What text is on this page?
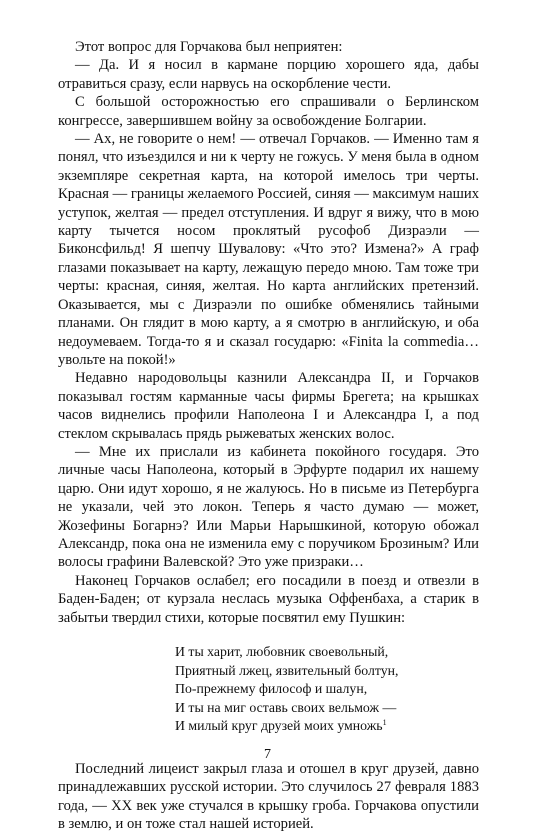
Этот вопрос для Горчакова был неприятен:

— Да. И я носил в кармане порцию хорошего яда, дабы отравиться сразу, если нарвусь на оскорбление чести.

С большой осторожностью его спрашивали о Берлинском конгрессе, завершившем войну за освобождение Болгарии.

— Ах, не говорите о нем! — отвечал Горчаков. — Именно там я понял, что изъездился и ни к черту не гожусь. У меня была в одном экземпляре секретная карта, на которой имелось три черты. Красная — границы желаемого Россией, синяя — максимум наших уступок, желтая — предел отступления. И вдруг я вижу, что в мою карту тычется носом проклятый русофоб Дизраэли — Биконсфильд! Я шепчу Шувалову: «Что это? Измена?» А граф глазами показывает на карту, лежащую передо мною. Там тоже три черты: красная, синяя, желтая. Но карта английских претензий. Оказывается, мы с Дизраэли по ошибке обменялись тайными планами. Он глядит в мою карту, а я смотрю в английскую, и оба недоумеваем. Тогда-то я и сказал государю: «Finita la commedia… увольте на покой!»

Недавно народовольцы казнили Александра II, и Горчаков показывал гостям карманные часы фирмы Брегета; на крышках часов виднелись профили Наполеона I и Александра I, а под стеклом скрывалась прядь рыжеватых женских волос.

— Мне их прислали из кабинета покойного государя. Это личные часы Наполеона, который в Эрфурте подарил их нашему царю. Они идут хорошо, я не жалуюсь. Но в письме из Петербурга не указали, чей это локон. Теперь я часто думаю — может, Жозефины Богарнэ? Или Марьи Нарышкиной, которую обожал Александр, пока она не изменила ему с поручиком Брозиным? Или волосы графини Валевской? Это уже призраки…

Наконец Горчаков ослабел; его посадили в поезд и отвезли в Баден-Баден; от курзала неслась музыка Оффенбаха, а старик в забытьи твердил стихи, которые посвятил ему Пушкин:

И ты харит, любовник своевольный,
Приятный лжец, язвительный болтун,
По-прежнему философ и шалун,
И ты на миг оставь своих вельмож —
И милый круг друзей моих умножь$^1$

Последний лицеист закрыл глаза и отошел в круг друзей, давно принадлежавших русской истории. Это случилось 27 февраля 1883 года, — XX век уже стучался в крышку гроба. Горчакова опустили в землю, и он тоже стал нашей историей.

7
